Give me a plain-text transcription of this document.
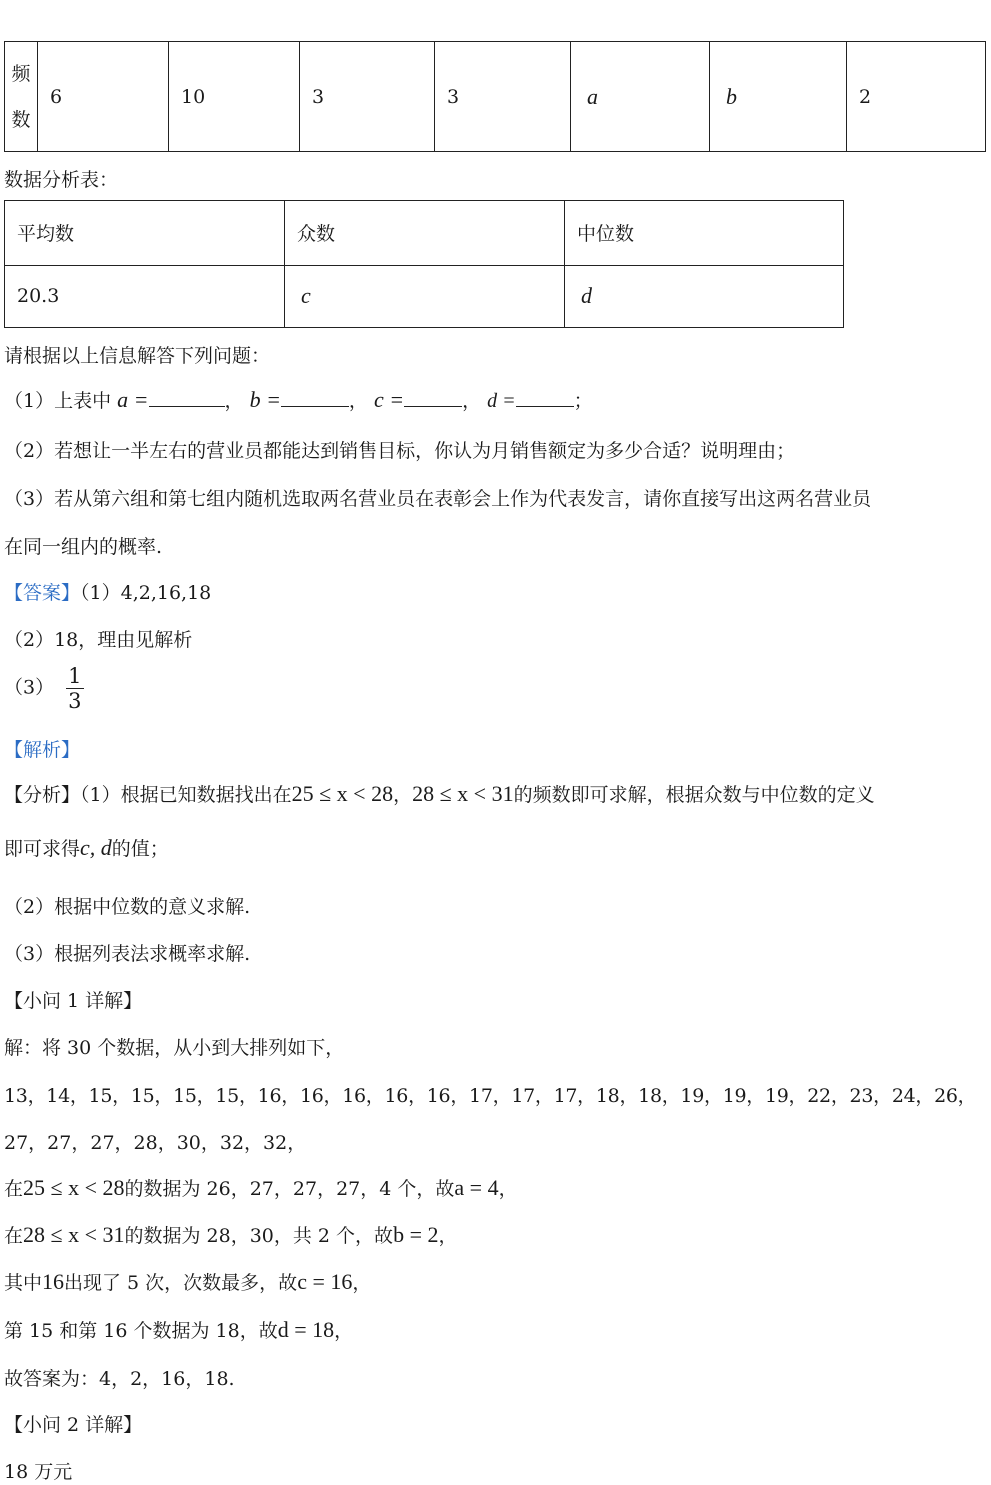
频
数	6	10	3	3	a	b	2
数据分析表：
平均数	众数	中位数
20.3	c	d
请根据以上信息解答下列问题：
（1）上表中 a =	， b =	， c =	， d =	；
（2）若想让一半左右的营业员都能达到销售目标，你认为月销售额定为多少合适？说明理由；
（3）若从第六组和第七组内随机选取两名营业员在表彰会上作为代表发言，请你直接写出这两名营业员
在同一组内的概率.
【答案】（1）4,2,16,18
（2）18，理由见解析
$(3) \frac{1}{3}$
【解析】
【分析】（1）根据已知数据找出在25 ≤ x < 28，28 ≤ x < 31的频数即可求解，根据众数与中位数的定义
即可求得c, d的值；
（2）根据中位数的意义求解.
（3）根据列表法求概率求解.
【小问 1 详解】
解：将 30 个数据，从小到大排列如下，
13，14，15，15，15，15，16，16，16，16，16，17，17，17，18，18，19，19，19，22，23，24，26，
27，27，27，28，30，32，32，
在25 ≤ x < 28的数据为 26，27，27，27，4 个，故a = 4，
在28 ≤ x < 31的数据为 28，30，共 2 个，故b = 2，
其中16出现了 5 次，次数最多，故c = 16，
第 15 和第 16 个数据为 18，故d = 18，
故答案为：4，2，16，18.
【小问 2 详解】
18 万元
